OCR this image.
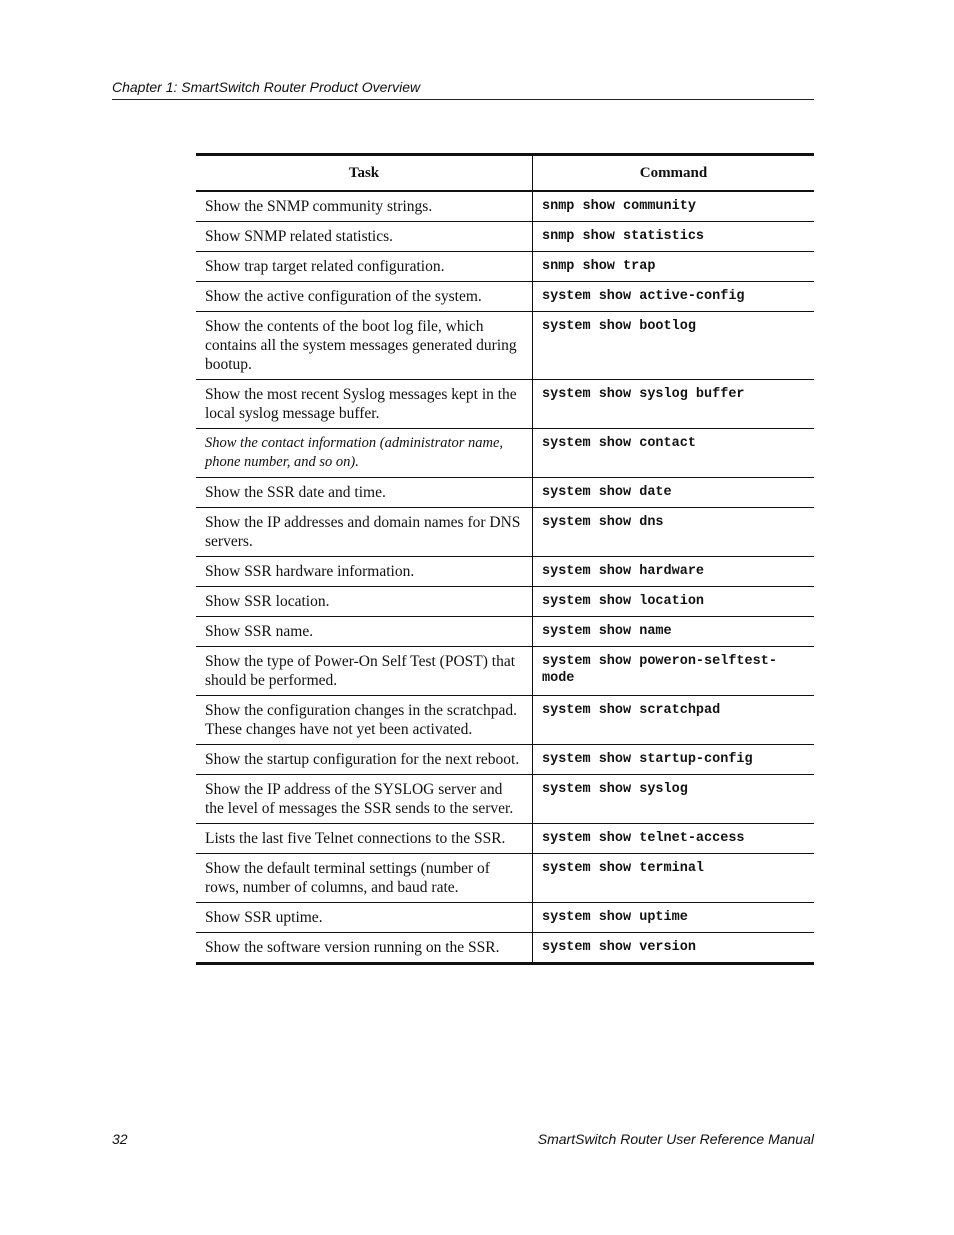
Chapter 1: SmartSwitch Router Product Overview
Task	Command
Show the SNMP community strings.	snmp show community
Show SNMP related statistics.	snmp show statistics
Show trap target related configuration.	snmp show trap
Show the active configuration of the system.	system show active-config
Show the contents of the boot log file, which contains all the system messages generated during bootup.	system show bootlog
Show the most recent Syslog messages kept in the local syslog message buffer.	system show syslog buffer
Show the contact information (administrator name, phone number, and so on).	system show contact
Show the SSR date and time.	system show date
Show the IP addresses and domain names for DNS servers.	system show dns
Show SSR hardware information.	system show hardware
Show SSR location.	system show location
Show SSR name.	system show name
Show the type of Power-On Self Test (POST) that should be performed.	system show poweron-selftest-mode
Show the configuration changes in the scratchpad. These changes have not yet been activated.	system show scratchpad
Show the startup configuration for the next reboot.	system show startup-config
Show the IP address of the SYSLOG server and the level of messages the SSR sends to the server.	system show syslog
Lists the last five Telnet connections to the SSR.	system show telnet-access
Show the default terminal settings (number of rows, number of columns, and baud rate.	system show terminal
Show SSR uptime.	system show uptime
Show the software version running on the SSR.	system show version
32	SmartSwitch Router User Reference Manual
